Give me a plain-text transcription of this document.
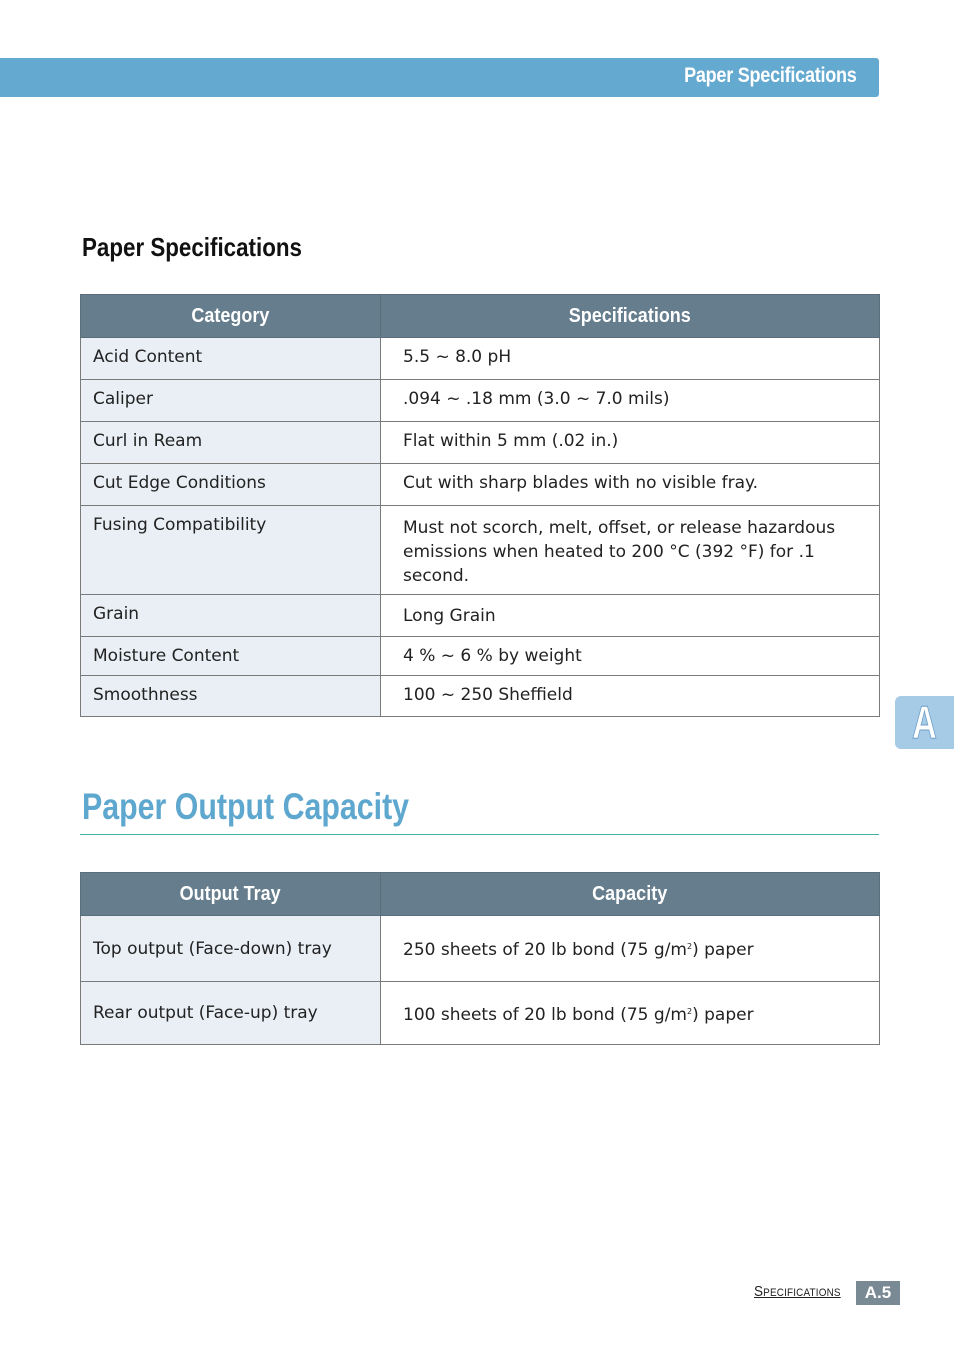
Paper Specifications
Paper Specifications
Category	Specifications
Acid Content	5.5 ~ 8.0 pH
Caliper	.094 ~ .18 mm (3.0 ~ 7.0 mils)
Curl in Ream	Flat within 5 mm (.02 in.)
Cut Edge Conditions	Cut with sharp blades with no visible fray.
Fusing Compatibility	Must not scorch, melt, offset, or release hazardous emissions when heated to 200 °C (392 °F) for .1 second.
Grain	Long Grain
Moisture Content	4 % ~ 6 % by weight
Smoothness	100 ~ 250 Sheffield
A
Paper Output Capacity
Output Tray	Capacity
Top output (Face-down) tray	250 sheets of 20 lb bond (75 $g/m^2$) paper
Rear output (Face-up) tray	100 sheets of 20 lb bond (75 $g/m^2$) paper
Specifications	A.5
